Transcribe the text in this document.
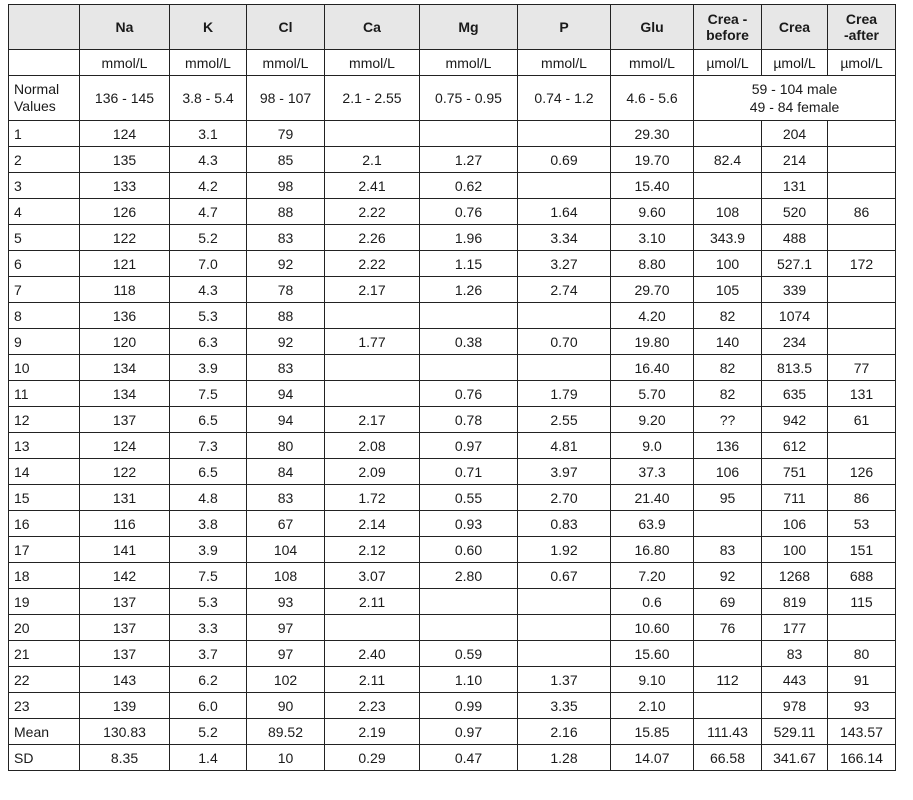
	Na	K	Cl	Ca	Mg	P	Glu	Crea -
before	Crea	Crea
-after

	mmol/L	mmol/L	mmol/L	mmol/L	mmol/L	mmol/L	mmol/L	µmol/L	µmol/L	µmol/L

Normal
Values	136 - 145	3.8 - 5.4	98 - 107	2.1 - 2.55	0.75 - 0.95	0.74 - 1.2	4.6 - 5.6	59 - 104 male
49 - 84 female		

1	124	3.1	79				29.30		204	
2	135	4.3	85	2.1	1.27	0.69	19.70	82.4	214	
3	133	4.2	98	2.41	0.62		15.40		131	
4	126	4.7	88	2.22	0.76	1.64	9.60	108	520	86
5	122	5.2	83	2.26	1.96	3.34	3.10	343.9	488	
6	121	7.0	92	2.22	1.15	3.27	8.80	100	527.1	172
7	118	4.3	78	2.17	1.26	2.74	29.70	105	339	
8	136	5.3	88				4.20	82	1074	
9	120	6.3	92	1.77	0.38	0.70	19.80	140	234	
10	134	3.9	83				16.40	82	813.5	77
11	134	7.5	94		0.76	1.79	5.70	82	635	131
12	137	6.5	94	2.17	0.78	2.55	9.20	??	942	61
13	124	7.3	80	2.08	0.97	4.81	9.0	136	612	
14	122	6.5	84	2.09	0.71	3.97	37.3	106	751	126
15	131	4.8	83	1.72	0.55	2.70	21.40	95	711	86
16	116	3.8	67	2.14	0.93	0.83	63.9		106	53
17	141	3.9	104	2.12	0.60	1.92	16.80	83	100	151
18	142	7.5	108	3.07	2.80	0.67	7.20	92	1268	688
19	137	5.3	93	2.11			0.6	69	819	115
20	137	3.3	97				10.60	76	177	
21	137	3.7	97	2.40	0.59		15.60		83	80
22	143	6.2	102	2.11	1.10	1.37	9.10	112	443	91
23	139	6.0	90	2.23	0.99	3.35	2.10		978	93
Mean	130.83	5.2	89.52	2.19	0.97	2.16	15.85	111.43	529.11	143.57
SD	8.35	1.4	10	0.29	0.47	1.28	14.07	66.58	341.67	166.14
